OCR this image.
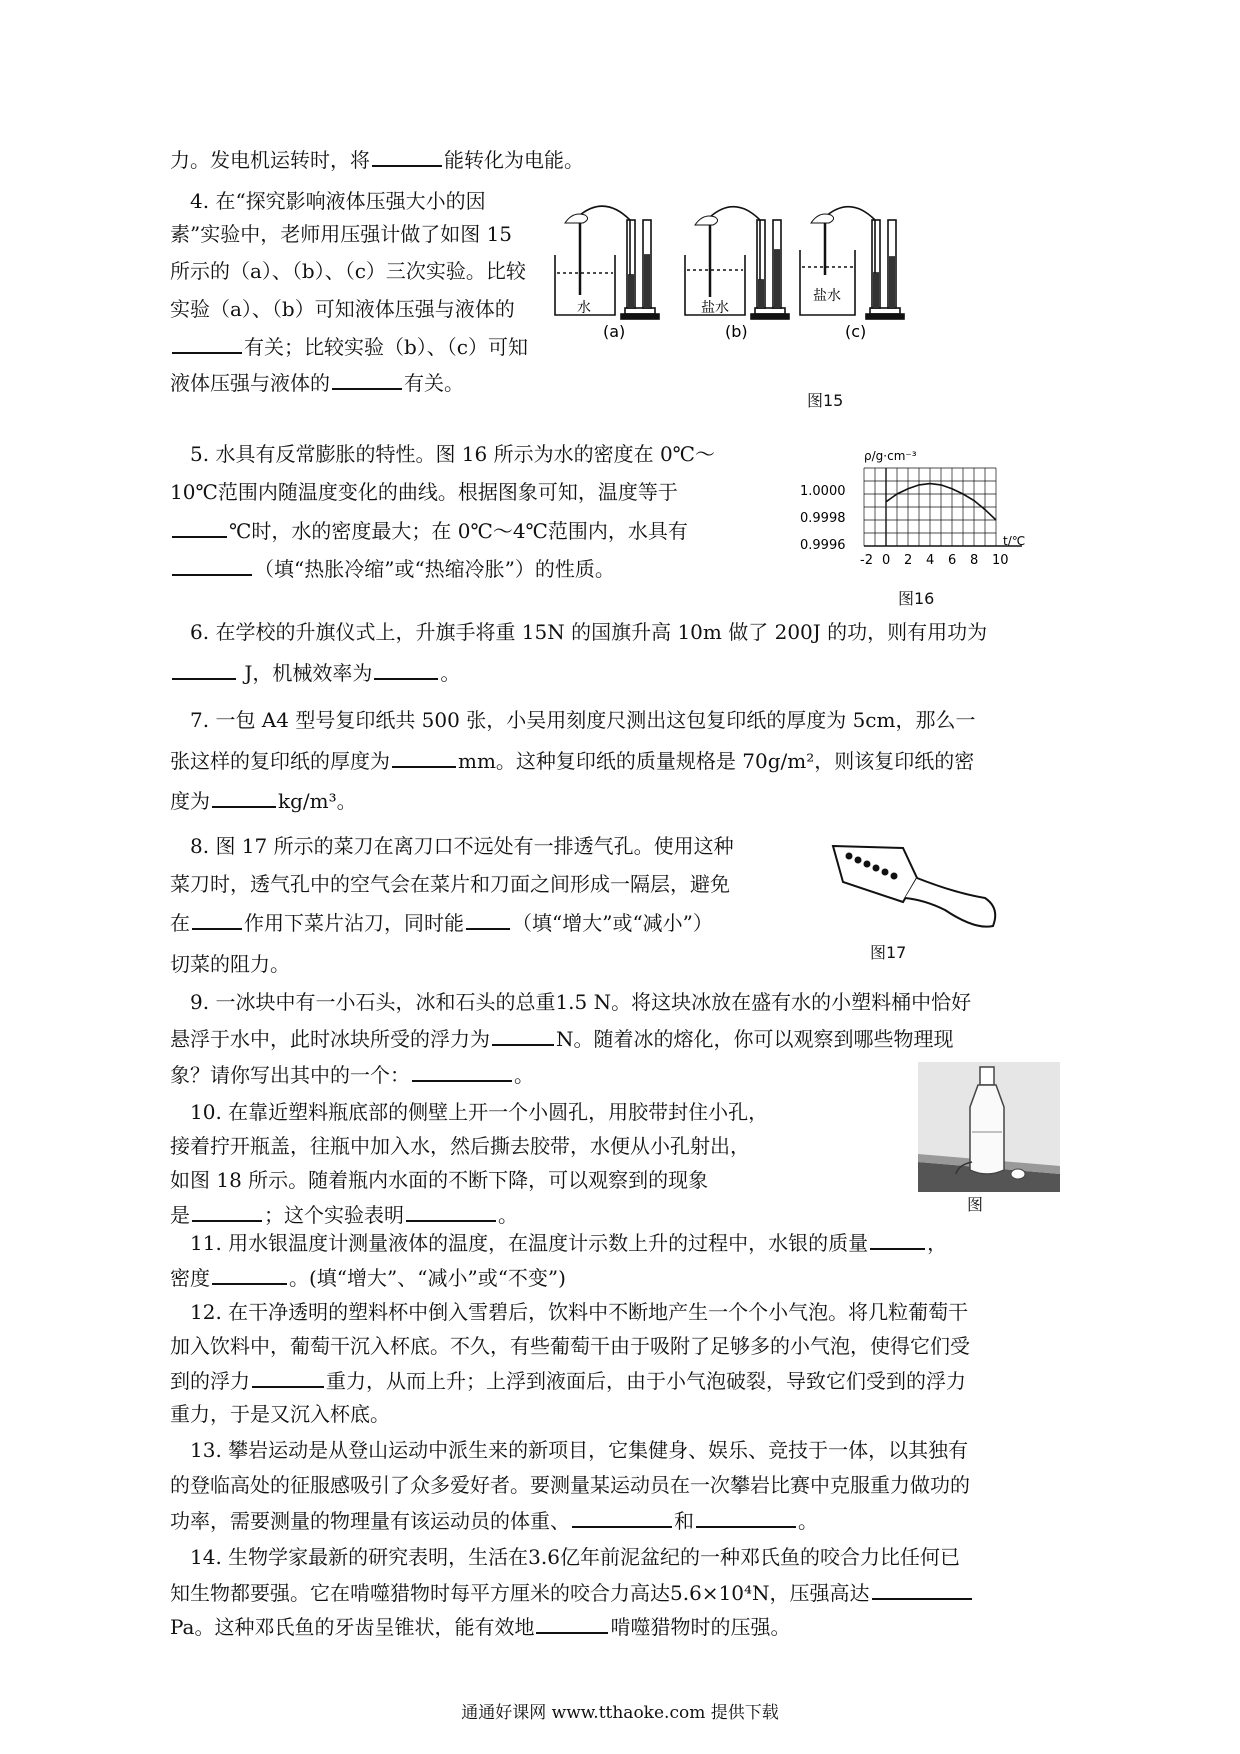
力。发电机运转时，将	能转化为电能。
4. 在“探究影响液体压强大小的因
素”实验中，老师用压强计做了如图 15
所示的（a）、（b）、（c）三次实验。比较
实验（a）、（b）可知液体压强与液体的
有关；比较实验（b）、（c）可知
液体压强与液体的	有关。
水	盐水
盐水
(a)	(b)	(c)
图15
5. 水具有反常膨胀的特性。图 16 所示为水的密度在 0℃～
10℃范围内随温度变化的曲线。根据图象可知，温度等于
℃时，水的密度最大；在 0℃～4℃范围内，水具有
（填“热胀冷缩”或“热缩冷胀”）的性质。
ρ/g·cm⁻³
t/℃
1.0000
0.9998
0.9996
-2 0 2 4 6 8 10
图16
6. 在学校的升旗仪式上，升旗手将重 15N 的国旗升高 10m 做了 200J 的功，则有用功为
J，机械效率为	。
7. 一包 A4 型号复印纸共 500 张，小吴用刻度尺测出这包复印纸的厚度为 5cm，那么一
张这样的复印纸的厚度为	mm。这种复印纸的质量规格是 70g/m²，则该复印纸的密
度为	kg/m³。
8. 图 17 所示的菜刀在离刀口不远处有一排透气孔。使用这种
菜刀时，透气孔中的空气会在菜片和刀面之间形成一隔层，避免
在	作用下菜片沾刀，同时能 （填“增大”或“减小”）
切菜的阻力。	图17
9. 一冰块中有一小石头，冰和石头的总重1.5 N。将这块冰放在盛有水的小塑料桶中恰好
悬浮于水中，此时冰块所受的浮力为	N。随着冰的熔化，你可以观察到哪些物理现
象？请你写出其中的一个：	。
10. 在靠近塑料瓶底部的侧壁上开一个小圆孔，用胶带封住小孔，
接着拧开瓶盖，往瓶中加入水，然后撕去胶带，水便从小孔射出，
如图 18 所示。随着瓶内水面的不断下降，可以观察到的现象
是	；这个实验表明	。	图
11. 用水银温度计测量液体的温度，在温度计示数上升的过程中，水银的质量	，
密度	。(填“增大”、“减小”或“不变”)
12. 在干净透明的塑料杯中倒入雪碧后，饮料中不断地产生一个个小气泡。将几粒葡萄干
加入饮料中，葡萄干沉入杯底。不久，有些葡萄干由于吸附了足够多的小气泡，使得它们受
到的浮力	重力，从而上升；上浮到液面后，由于小气泡破裂，导致它们受到的浮力
重力，于是又沉入杯底。
13. 攀岩运动是从登山运动中派生来的新项目，它集健身、娱乐、竞技于一体，以其独有
的登临高处的征服感吸引了众多爱好者。要测量某运动员在一次攀岩比赛中克服重力做功的
功率，需要测量的物理量有该运动员的体重、	和	。
14. 生物学家最新的研究表明，生活在3.6亿年前泥盆纪的一种邓氏鱼的咬合力比任何已
知生物都要强。它在啃噬猎物时每平方厘米的咬合力高达5.6×10⁴N，压强高达
Pa。这种邓氏鱼的牙齿呈锥状，能有效地	啃噬猎物时的压强。
通通好课网 www.tthaoke.com 提供下载
